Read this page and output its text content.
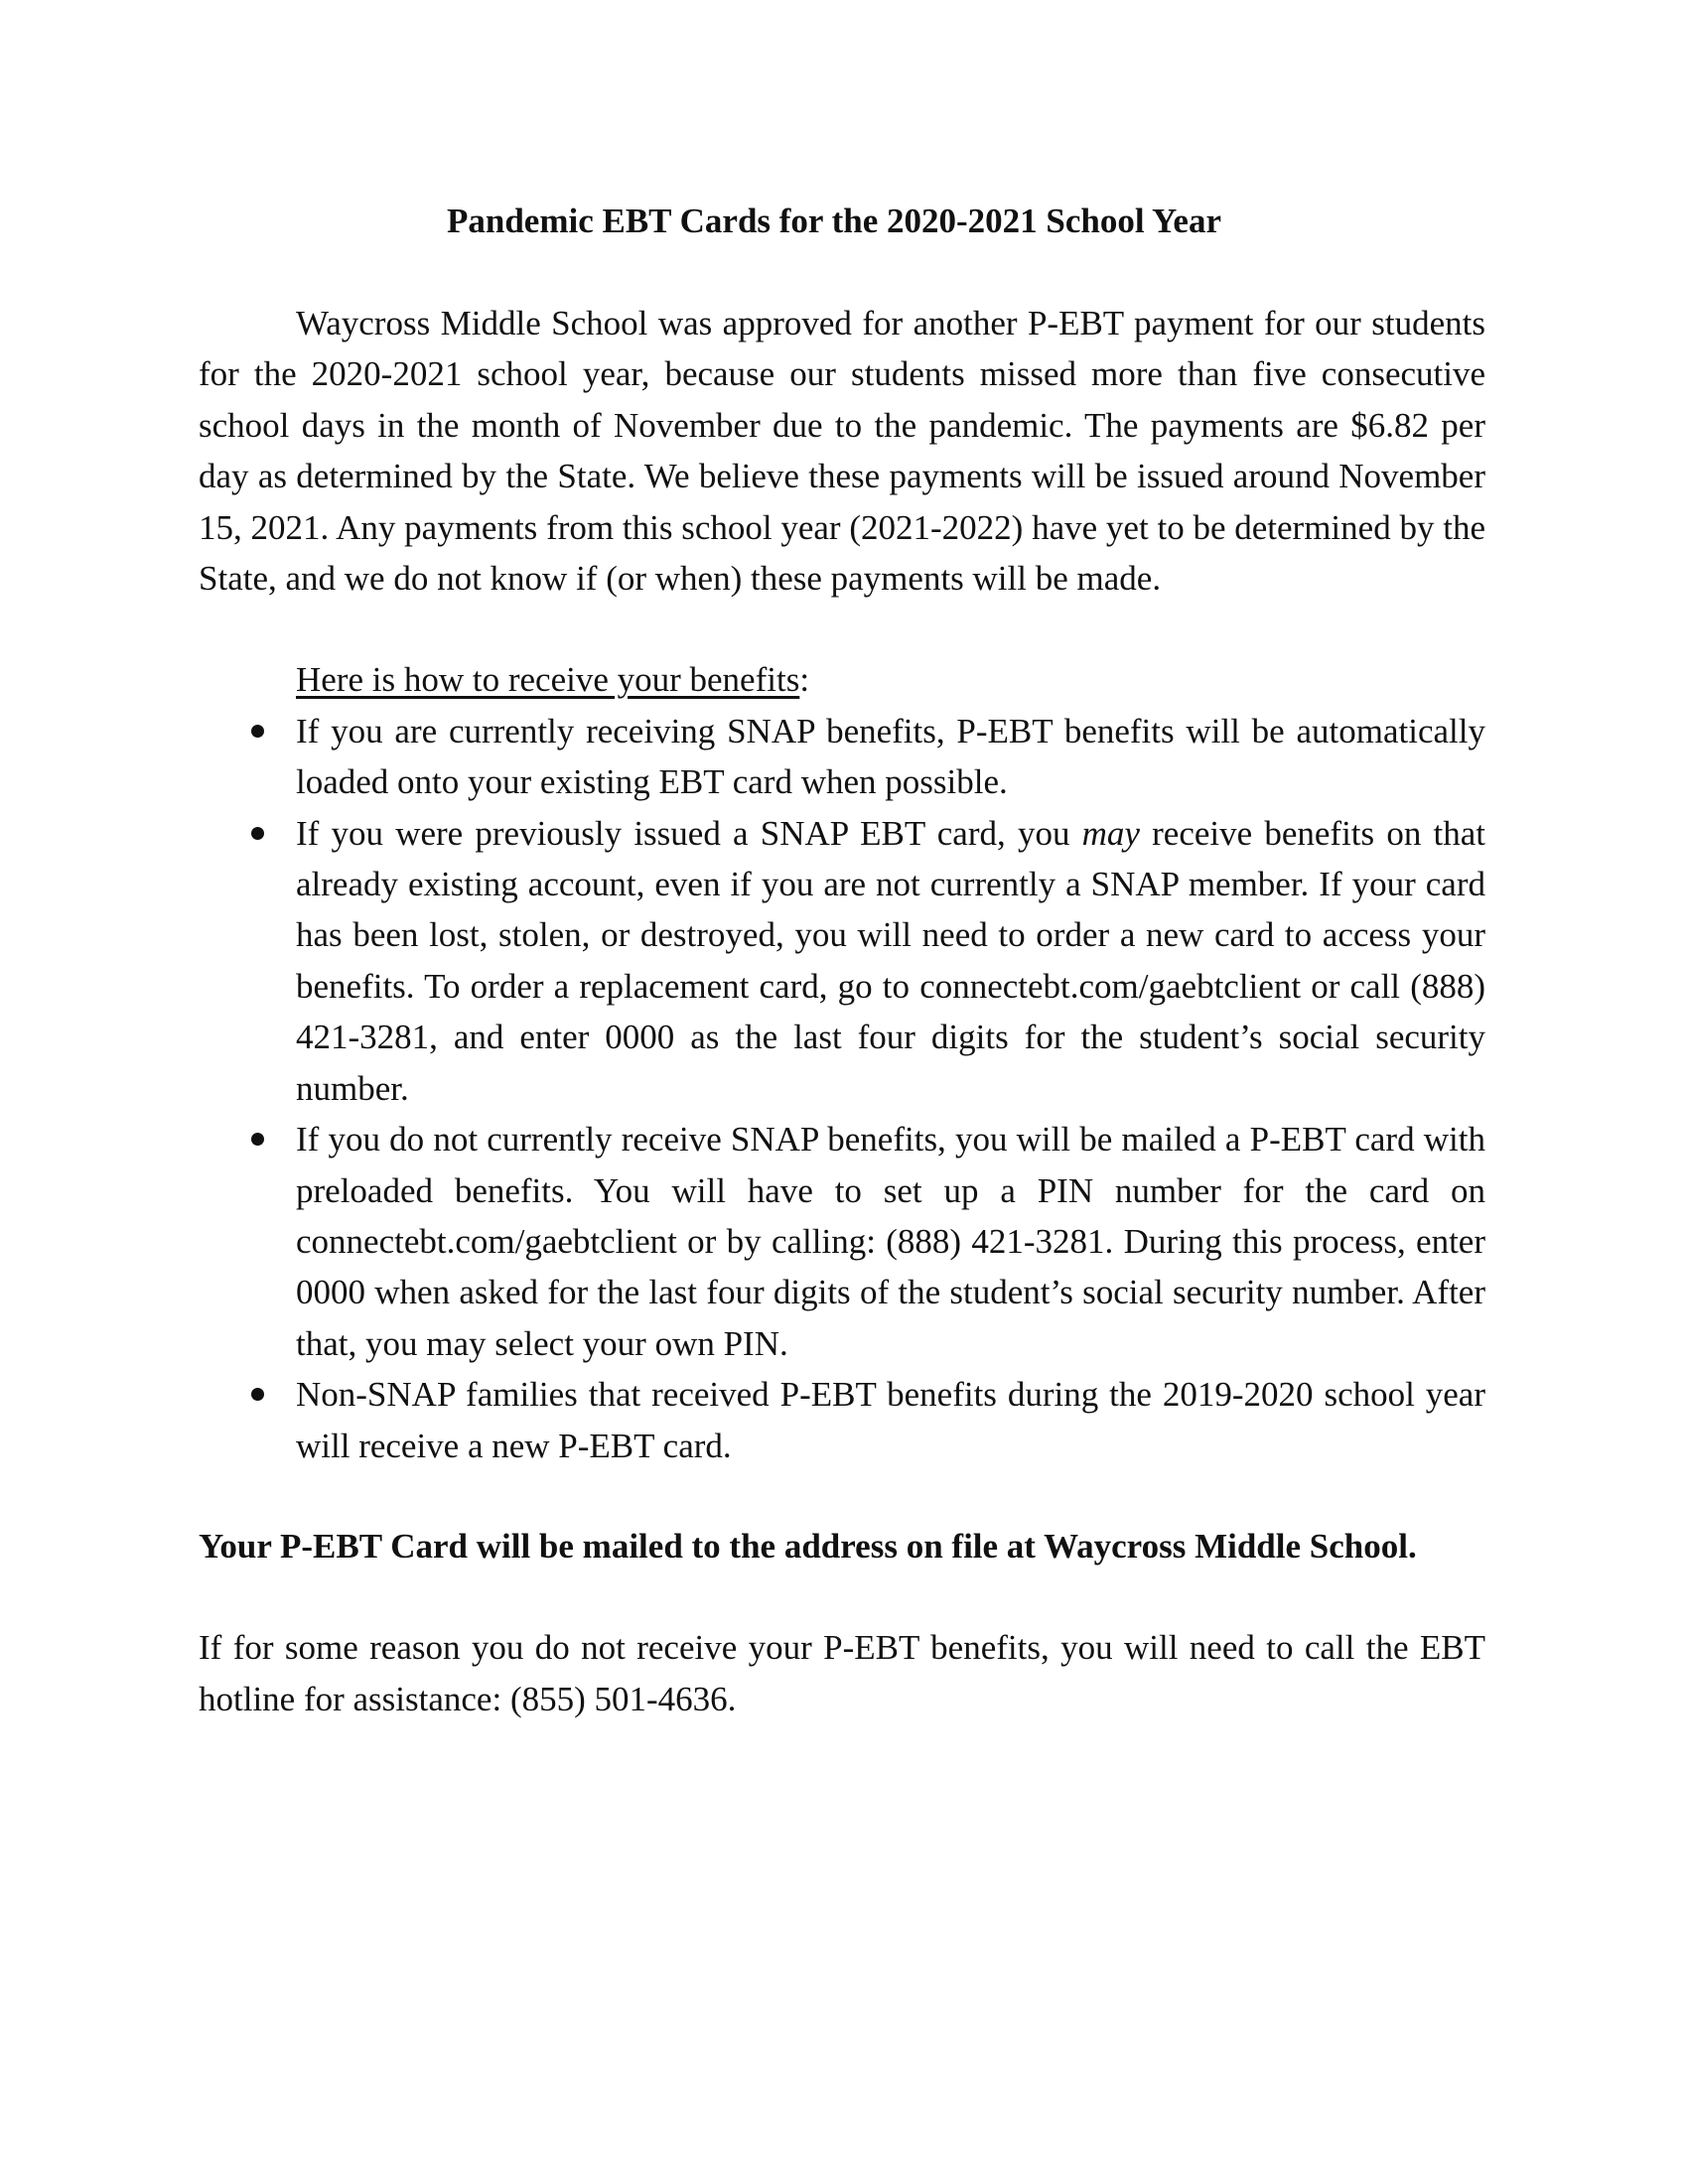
Pandemic EBT Cards for the 2020-2021 School Year

Waycross Middle School was approved for another P-EBT payment for our students for the 2020-2021 school year, because our students missed more than five consecutive school days in the month of November due to the pandemic. The payments are $6.82 per day as determined by the State. We believe these payments will be issued around November 15, 2021. Any payments from this school year (2021-2022) have yet to be determined by the State, and we do not know if (or when) these payments will be made.

Here is how to receive your benefits:
If you are currently receiving SNAP benefits, P-EBT benefits will be automatically loaded onto your existing EBT card when possible.
If you were previously issued a SNAP EBT card, you may receive benefits on that already existing account, even if you are not currently a SNAP member. If your card has been lost, stolen, or destroyed, you will need to order a new card to access your benefits. To order a replacement card, go to connectebt.com/gaebtclient or call (888) 421-3281, and enter 0000 as the last four digits for the student’s social security number.
If you do not currently receive SNAP benefits, you will be mailed a P-EBT card with preloaded benefits. You will have to set up a PIN number for the card on connectebt.com/gaebtclient or by calling: (888) 421-3281. During this process, enter 0000 when asked for the last four digits of the student’s social security number. After that, you may select your own PIN.
Non-SNAP families that received P-EBT benefits during the 2019-2020 school year will receive a new P-EBT card.

Your P-EBT Card will be mailed to the address on file at Waycross Middle School.

If for some reason you do not receive your P-EBT benefits, you will need to call the EBT hotline for assistance: (855) 501-4636.
